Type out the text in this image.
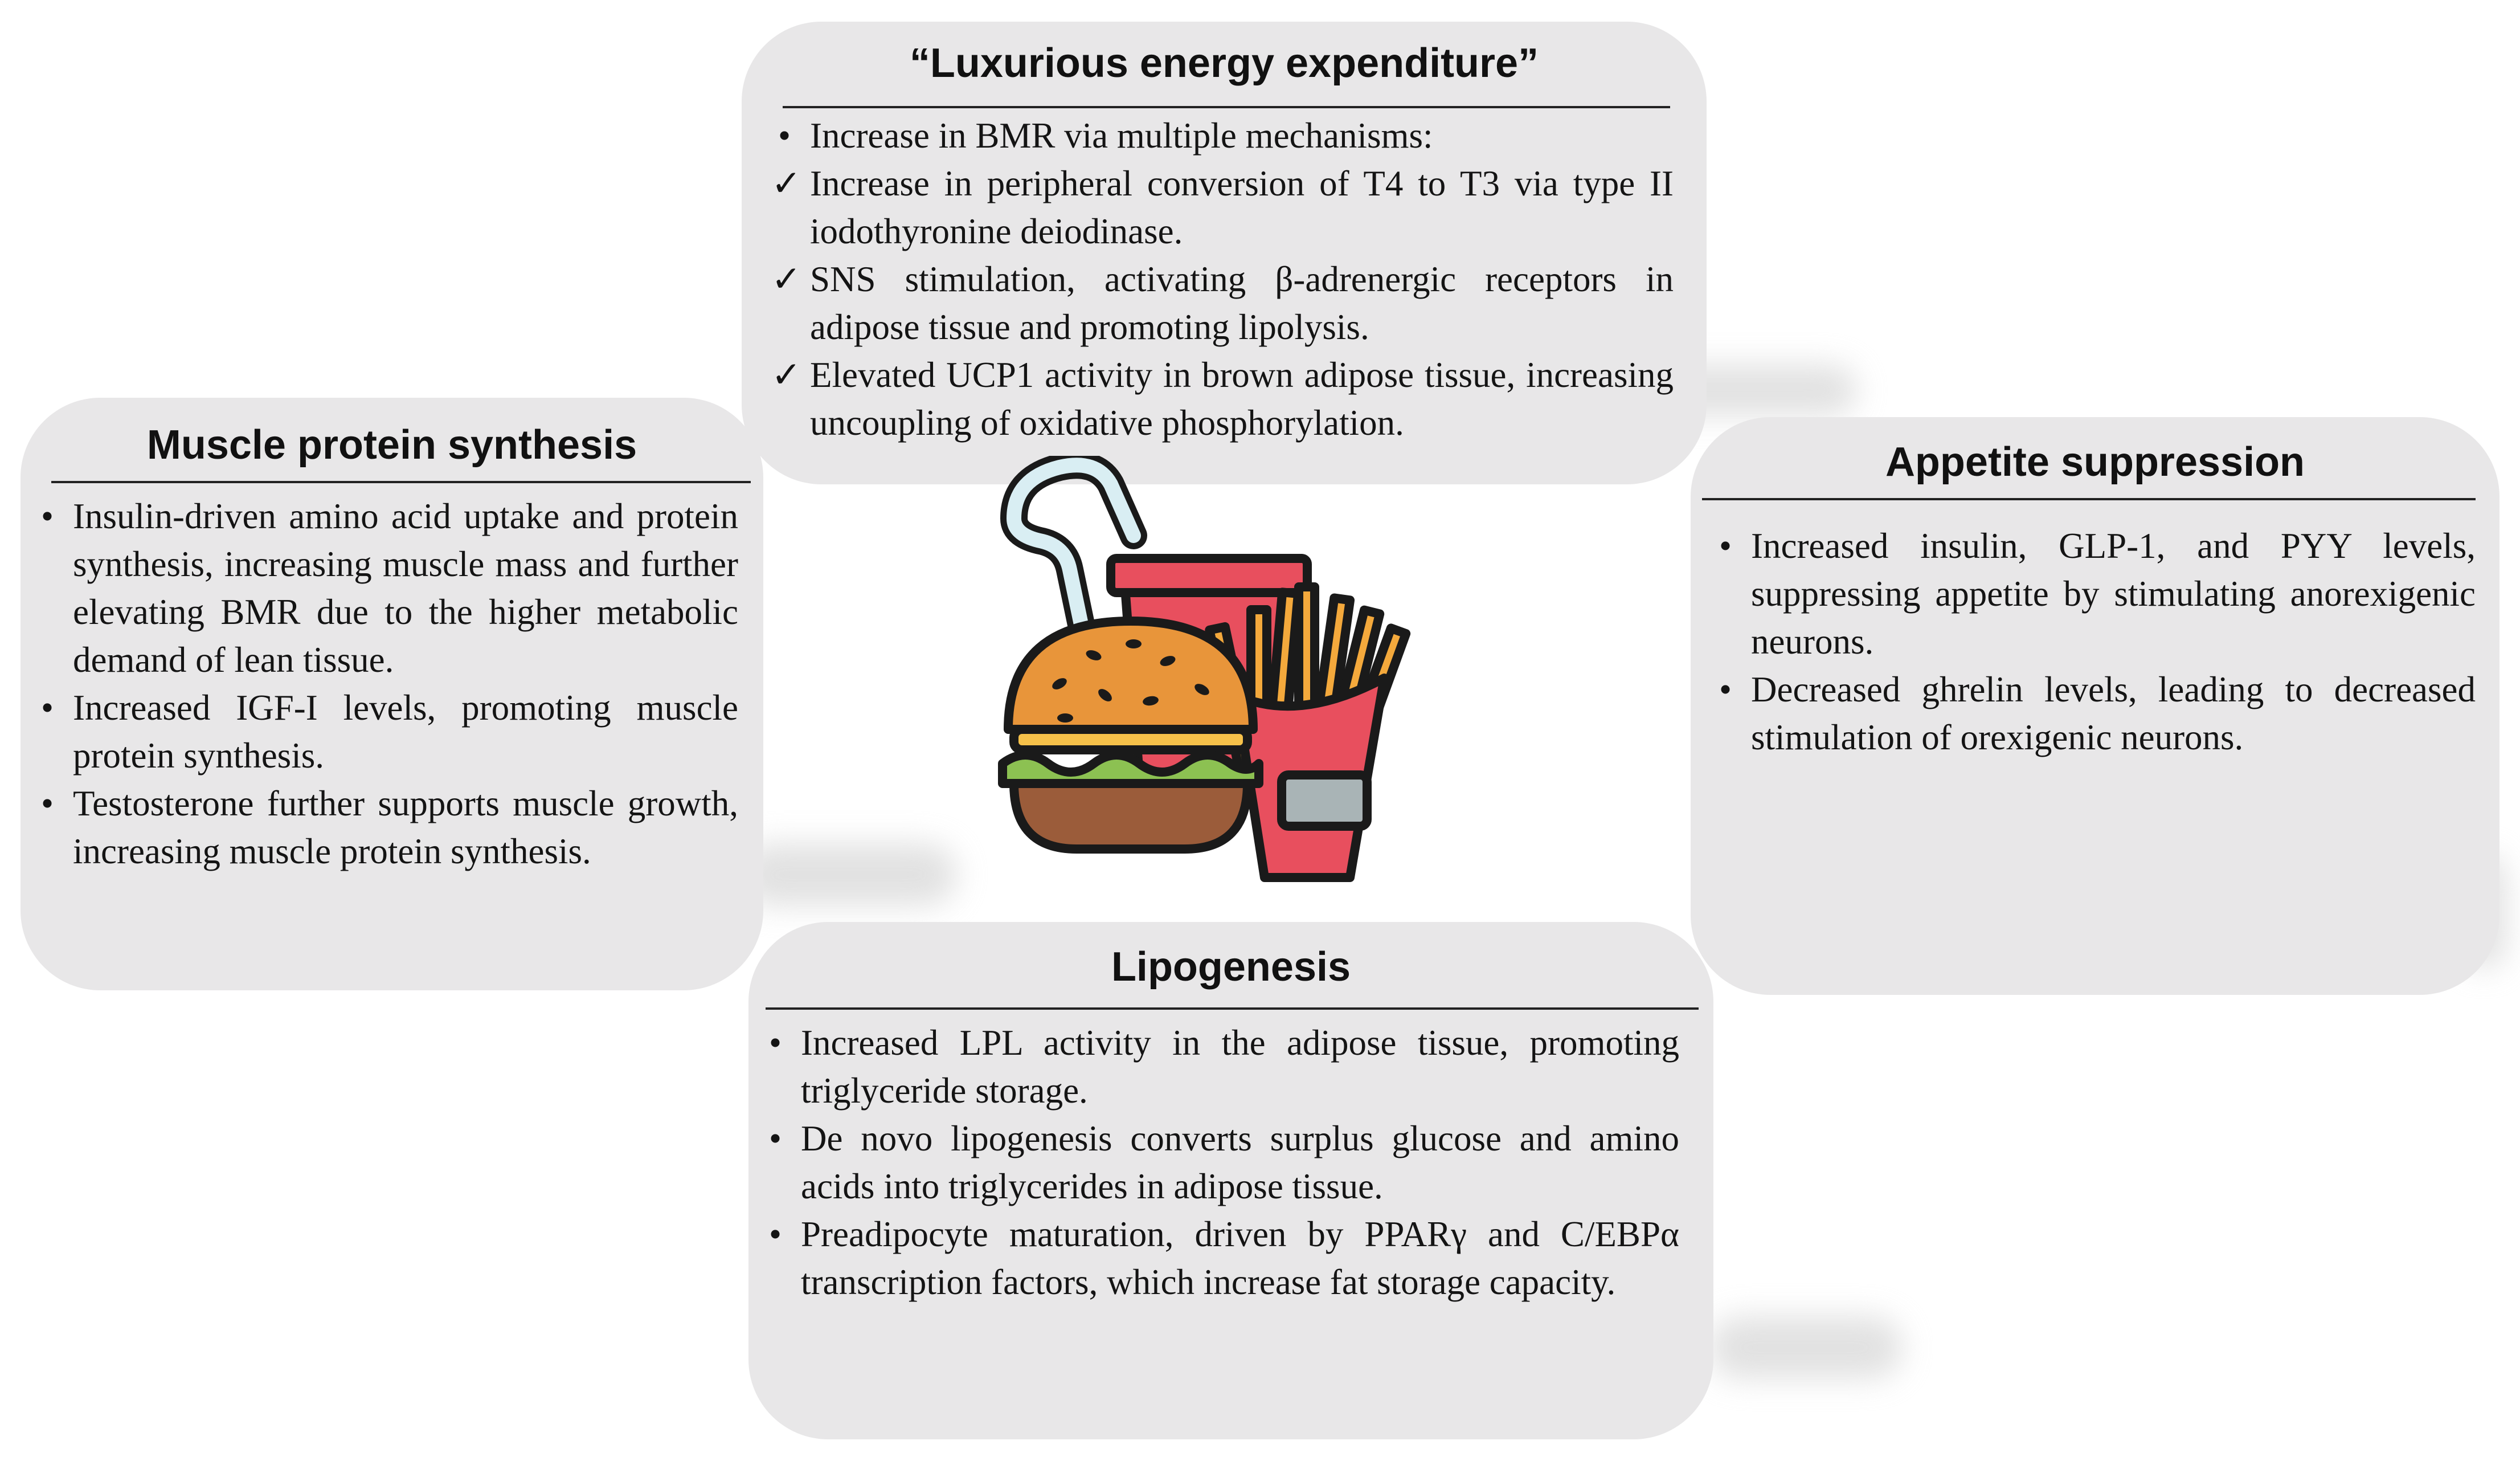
“Luxurious energy expenditure”
• Increase in BMR via multiple mechanisms:
✓ Increase in peripheral conversion of T4 to T3 via type II iodothyronine deiodinase.
✓ SNS stimulation, activating β-adrenergic receptors in adipose tissue and promoting lipolysis.
✓ Elevated UCP1 activity in brown adipose tissue, increasing uncoupling of oxidative phosphorylation.
Muscle protein synthesis
• Insulin-driven amino acid uptake and protein synthesis, increasing muscle mass and further elevating BMR due to the higher metabolic demand of lean tissue.
• Increased IGF-I levels, promoting muscle protein synthesis.
• Testosterone further supports muscle growth, increasing muscle protein synthesis.
Appetite suppression
• Increased insulin, GLP-1, and PYY levels, suppressing appetite by stimulating anorexigenic neurons.
• Decreased ghrelin levels, leading to decreased stimulation of orexigenic neurons.
Lipogenesis
• Increased LPL activity in the adipose tissue, promoting triglyceride storage.
• De novo lipogenesis converts surplus glucose and amino acids into triglycerides in adipose tissue.
• Preadipocyte maturation, driven by PPARγ and C/EBPα transcription factors, which increase fat storage capacity.
